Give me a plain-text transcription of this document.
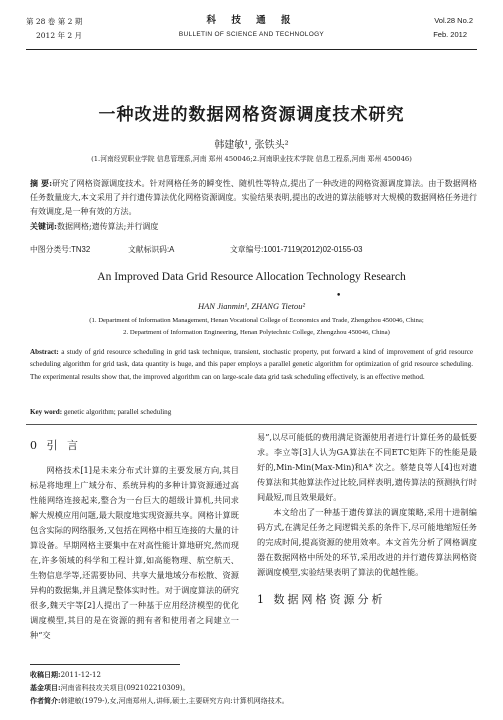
第 28 卷 第 2 期
2012 年 2 月
科 技 通 报
BULLETIN OF SCIENCE AND TECHNOLOGY
Vol.28 No.2
Feb. 2012
一种改进的数据网格资源调度技术研究
韩建敏¹, 张铁头²
(1.河南经贸职业学院 信息管理系,河南 郑州 450046;2.河南职业技术学院 信息工程系,河南 郑州 450046)
摘 要:研究了网格资源调度技术。针对网格任务的瞬变性、随机性等特点,提出了一种改进的网格资源调度算法。由于数据网格任务数量庞大,本文采用了并行遗传算法优化网格资源调度。实验结果表明,提出的改进的算法能够对大规模的数据网格任务进行有效调度,是一种有效的方法。
关键词:数据网格;遗传算法;并行调度
中图分类号:TN32	文献标识码:A	文章编号:1001-7119(2012)02-0155-03
An Improved Data Grid Resource Allocation Technology Research
•
HAN Jianmin¹, ZHANG Tietou²
(1. Department of Information Management, Henan Vocational College of Economics and Trade, Zhengzhou 450046, China;
2. Department of Information Engineering, Henan Polytechnic College, Zhengzhou 450046, China)
Abstract: a study of grid resource scheduling in grid task technique, transient, stochastic property, put forward a kind of improvement of grid resource scheduling algorithm for grid task, data quantity is huge, and this paper employs a parallel genetic algorithm for optimization of grid resource scheduling. The experimental results show that, the improved algorithm can on large-scale data grid task scheduling effectively, is an effective method.
Key word: genetic algorithm; parallel scheduling
0 引 言

网格技术[1]是未来分布式计算的主要发展方向,其目标是将地理上广域分布、系统异构的多种计算资源通过高性能网络连接起来,整合为一台巨大的超级计算机,共同求解大规模应用问题,最大限度地实现资源共享。网格计算既包含实际的网络服务,又包括在网格中相互连接的大量的计算设备。早期网格主要集中在对高性能计算地研究,然而现在,许多领域的科学和工程计算,如高能物理、航空航天、生物信息学等,还需要协同、共享大量地域分布松散、资源异构的数据集,并且满足整体实时性。对于调度算法的研究很多,魏天宇等[2]人提出了一种基于应用经济模型的优化调度模型,其目的是在资源的拥有者和使用者之间建立一种“交

易”,以尽可能低的费用满足资源使用者进行计算任务的最低要求。李立等[3]人认为GA算法在不同ETC矩阵下的性能是最好的,Min-Min(Max-Min)和A* 次之。蔡楚良等人[4]也对遗传算法和其他算法作过比较,同样表明,遗传算法的预测执行时间最短,而且效果最好。

本文给出了一种基于遗传算法的调度策略,采用十进制编码方式,在满足任务之间逻辑关系的条件下,尽可能地缩短任务的完成时间,提高资源的使用效率。本文首先分析了网格调度器在数据网格中所处的环节,采用改进的并行遗传算法网格资源调度模型,实验结果表明了算法的优越性能。

1 数据网格资源分析
收稿日期:2011-12-12
基金项目:河南省科技攻关项目(092102210309)。
作者简介:韩建敏(1979-),女,河南郑州人,讲师,硕士,主要研究方向:计算机网络技术。
